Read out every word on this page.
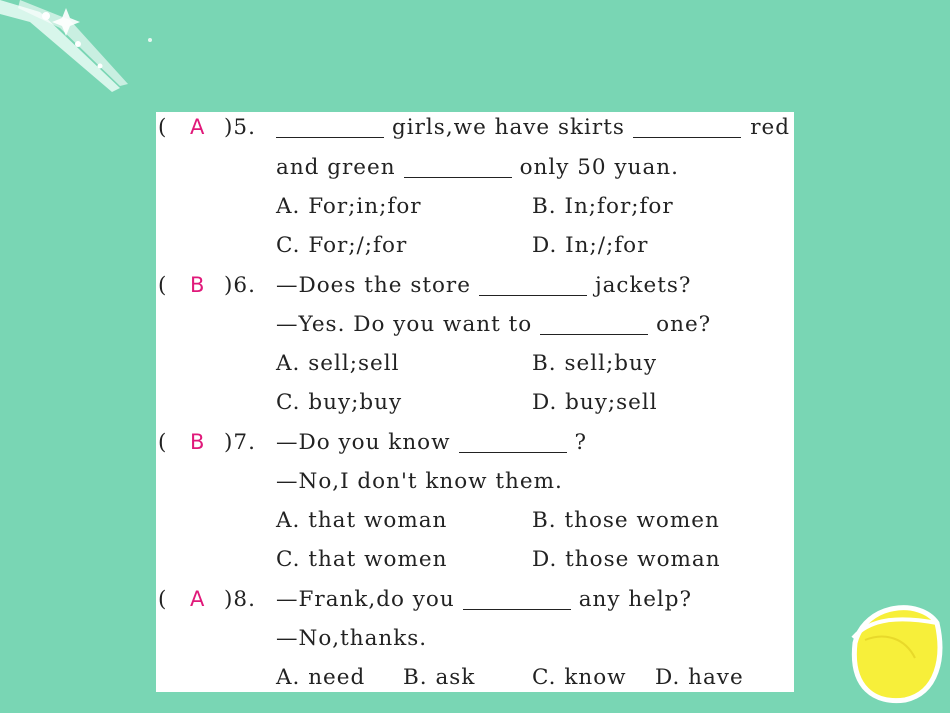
( A )5.	girls,we have skirts	red
and green	only 50 yuan.
A. For;in;for	B. In;for;for
C. For;/;for	D. In;/;for
( B )6. —Does the store	jackets?
—Yes. Do you want to	one?
A. sell;sell	B. sell;buy
C. buy;buy	D. buy;sell
( B )7. —Do you know	?
—No,I don't know them.
A. that woman	B. those women
C. that women	D. those woman
( A )8. —Frank,do you	any help?
—No,thanks.
A. need B. ask	C. know D. have
